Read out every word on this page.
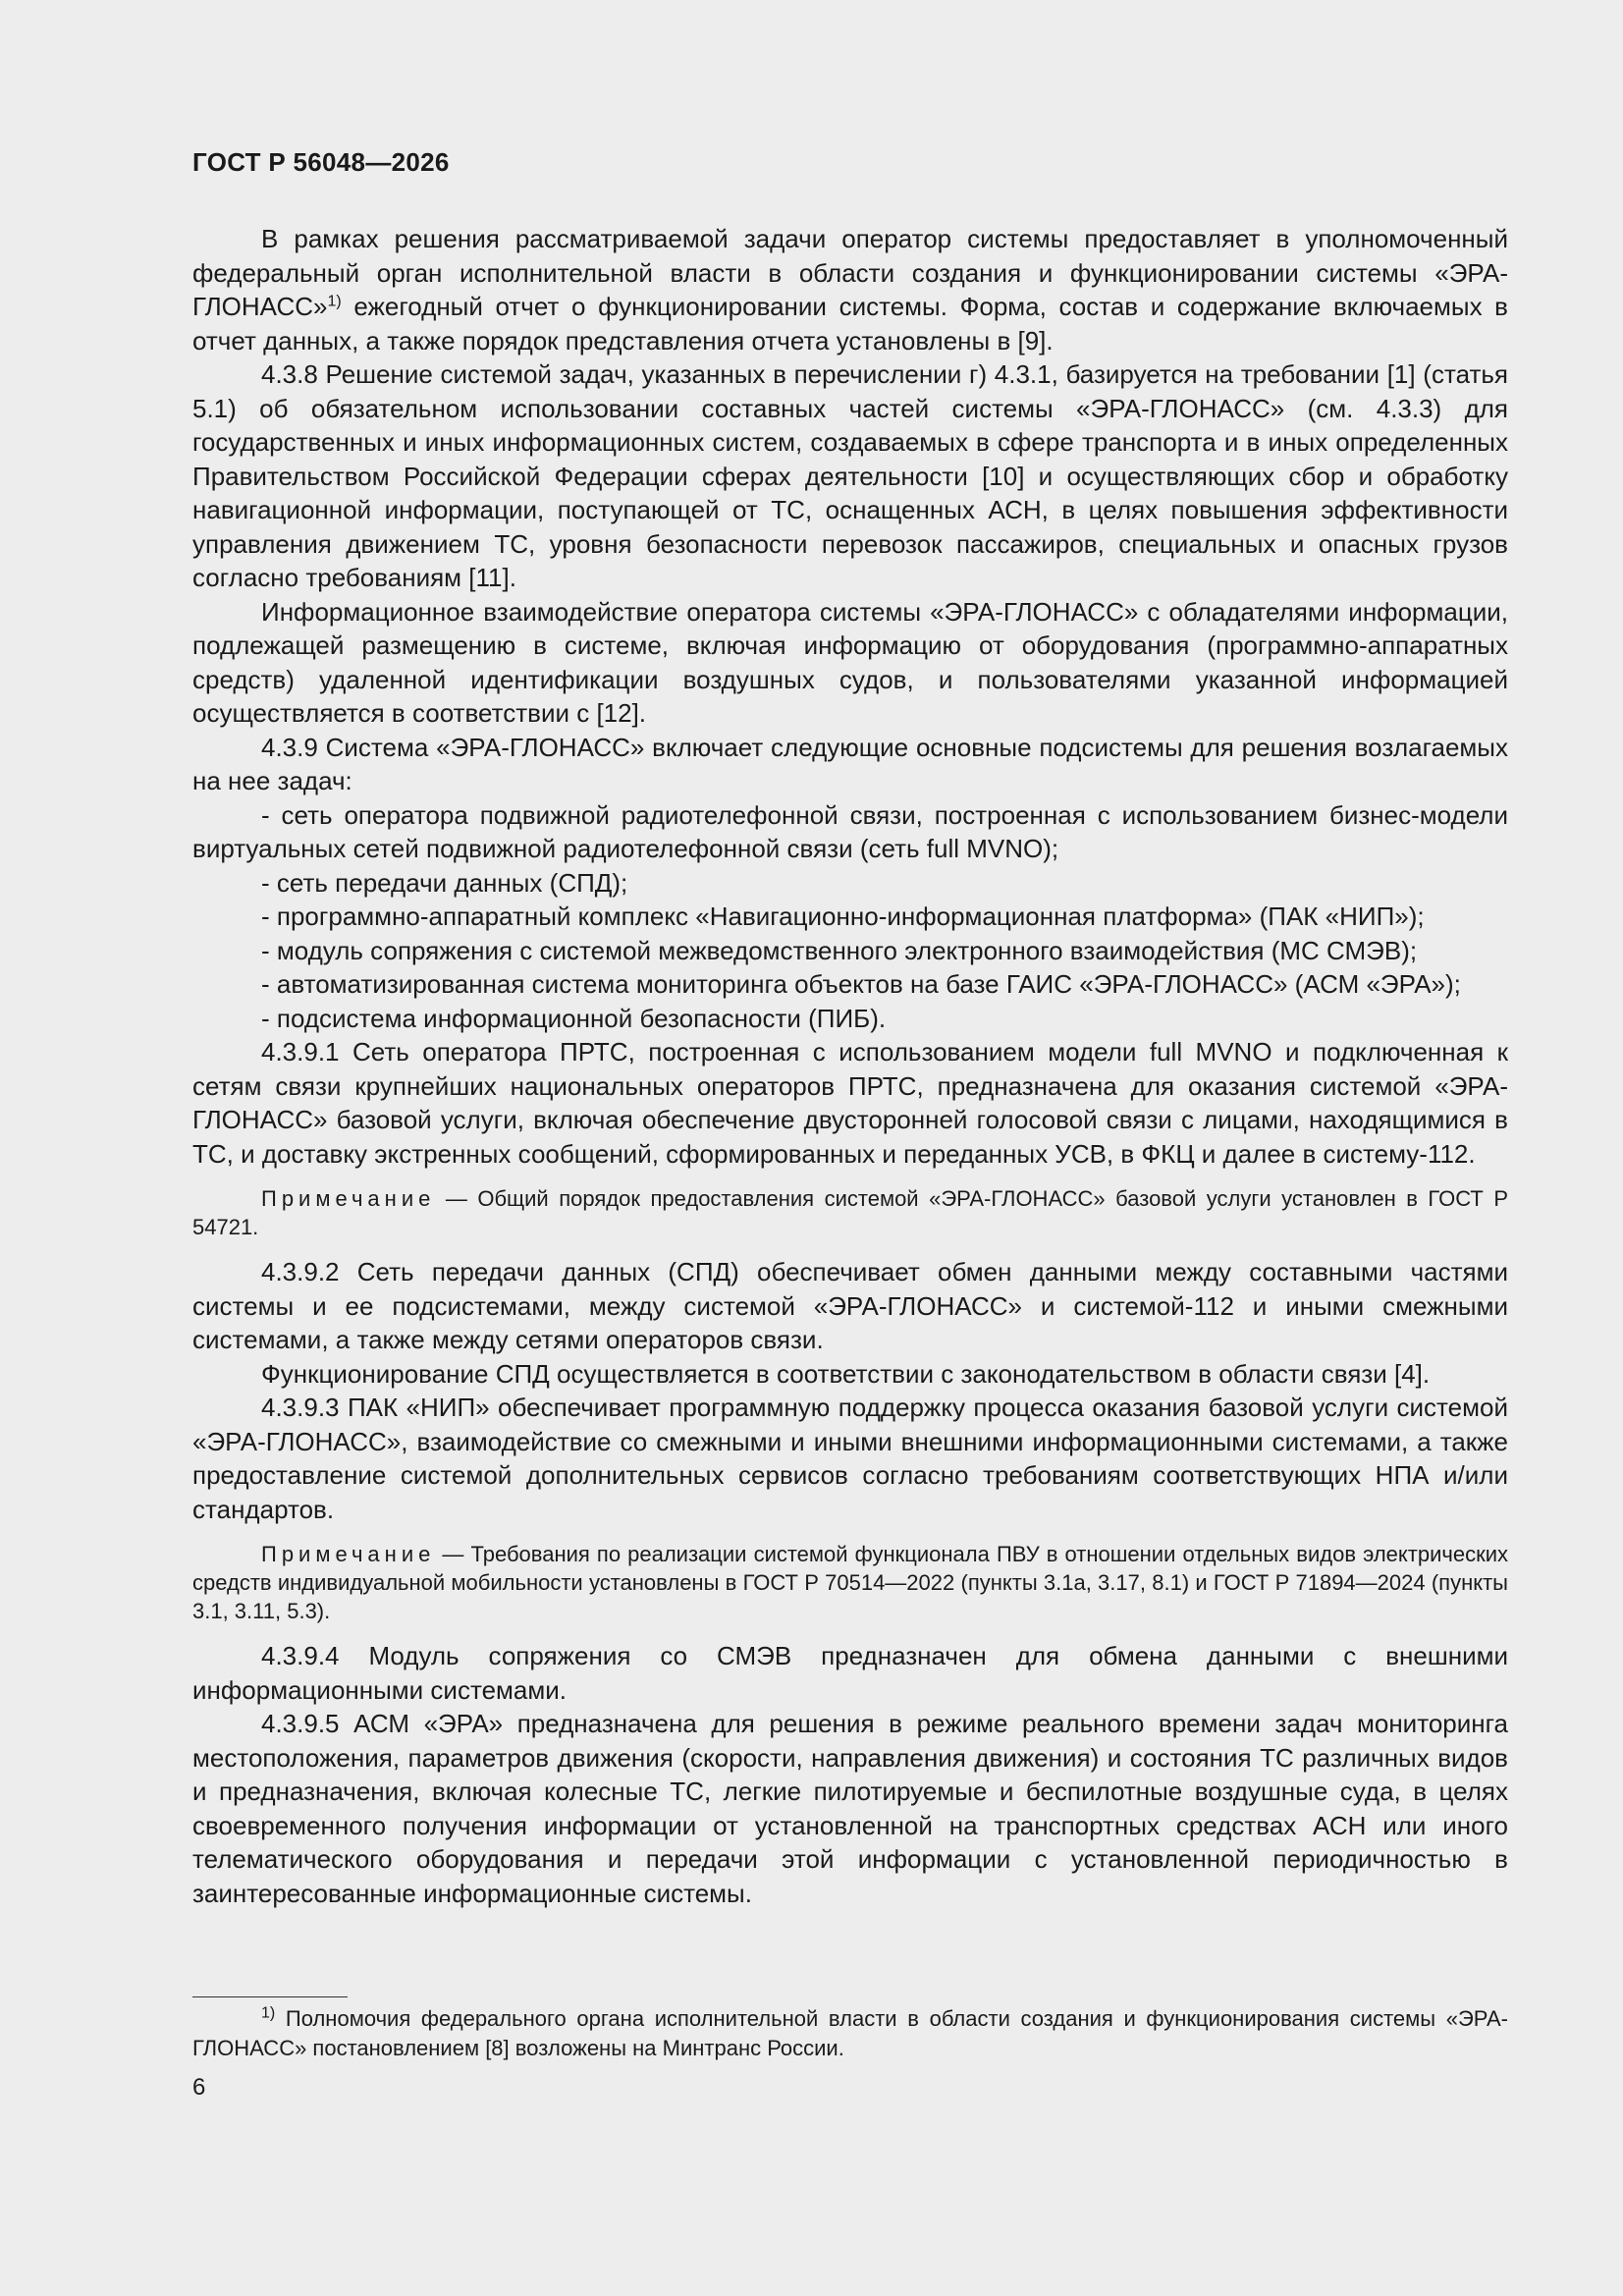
ГОСТ Р 56048—2026

В рамках решения рассматриваемой задачи оператор системы предоставляет в уполномоченный федеральный орган исполнительной власти в области создания и функционировании системы «ЭРА-ГЛОНАСС»$^{1)}$ ежегодный отчет о функционировании системы. Форма, состав и содержание включаемых в отчет данных, а также порядок представления отчета установлены в [9].

4.3.8 Решение системой задач, указанных в перечислении г) 4.3.1, базируется на требовании [1] (статья 5.1) об обязательном использовании составных частей системы «ЭРА-ГЛОНАСС» (см. 4.3.3) для государственных и иных информационных систем, создаваемых в сфере транспорта и в иных определенных Правительством Российской Федерации сферах деятельности [10] и осуществляющих сбор и обработку навигационной информации, поступающей от ТС, оснащенных АСН, в целях повышения эффективности управления движением ТС, уровня безопасности перевозок пассажиров, специальных и опасных грузов согласно требованиям [11].

Информационное взаимодействие оператора системы «ЭРА-ГЛОНАСС» с обладателями информации, подлежащей размещению в системе, включая информацию от оборудования (программно-аппаратных средств) удаленной идентификации воздушных судов, и пользователями указанной информацией осуществляется в соответствии с [12].

4.3.9 Система «ЭРА-ГЛОНАСС» включает следующие основные подсистемы для решения возлагаемых на нее задач:

- сеть оператора подвижной радиотелефонной связи, построенная с использованием бизнес-модели виртуальных сетей подвижной радиотелефонной связи (сеть full MVNO);

- сеть передачи данных (СПД);

- программно-аппаратный комплекс «Навигационно-информационная платформа» (ПАК «НИП»);

- модуль сопряжения с системой межведомственного электронного взаимодействия (МС СМЭВ);

- автоматизированная система мониторинга объектов на базе ГАИС «ЭРА-ГЛОНАСС» (АСМ «ЭРА»);

- подсистема информационной безопасности (ПИБ).

4.3.9.1 Сеть оператора ПРТС, построенная с использованием модели full MVNO и подключенная к сетям связи крупнейших национальных операторов ПРТС, предназначена для оказания системой «ЭРА-ГЛОНАСС» базовой услуги, включая обеспечение двусторонней голосовой связи с лицами, находящимися в ТС, и доставку экстренных сообщений, сформированных и переданных УСВ, в ФКЦ и далее в систему-112.

Примечание — Общий порядок предоставления системой «ЭРА-ГЛОНАСС» базовой услуги установлен в ГОСТ Р 54721.

4.3.9.2 Сеть передачи данных (СПД) обеспечивает обмен данными между составными частями системы и ее подсистемами, между системой «ЭРА-ГЛОНАСС» и системой-112 и иными смежными системами, а также между сетями операторов связи.

Функционирование СПД осуществляется в соответствии с законодательством в области связи [4].

4.3.9.3 ПАК «НИП» обеспечивает программную поддержку процесса оказания базовой услуги системой «ЭРА-ГЛОНАСС», взаимодействие со смежными и иными внешними информационными системами, а также предоставление системой дополнительных сервисов согласно требованиям соответствующих НПА и/или стандартов.

Примечание — Требования по реализации системой функционала ПВУ в отношении отдельных видов электрических средств индивидуальной мобильности установлены в ГОСТ Р 70514—2022 (пункты 3.1а, 3.17, 8.1) и ГОСТ Р 71894—2024 (пункты 3.1, 3.11, 5.3).

4.3.9.4 Модуль сопряжения со СМЭВ предназначен для обмена данными с внешними информационными системами.

4.3.9.5 АСМ «ЭРА» предназначена для решения в режиме реального времени задач мониторинга местоположения, параметров движения (скорости, направления движения) и состояния ТС различных видов и предназначения, включая колесные ТС, легкие пилотируемые и беспилотные воздушные суда, в целях своевременного получения информации от установленной на транспортных средствах АСН или иного телематического оборудования и передачи этой информации с установленной периодичностью в заинтересованные информационные системы.

$^{1)}$ Полномочия федерального органа исполнительной власти в области создания и функционирования системы «ЭРА-ГЛОНАСС» постановлением [8] возложены на Минтранс России.
6
